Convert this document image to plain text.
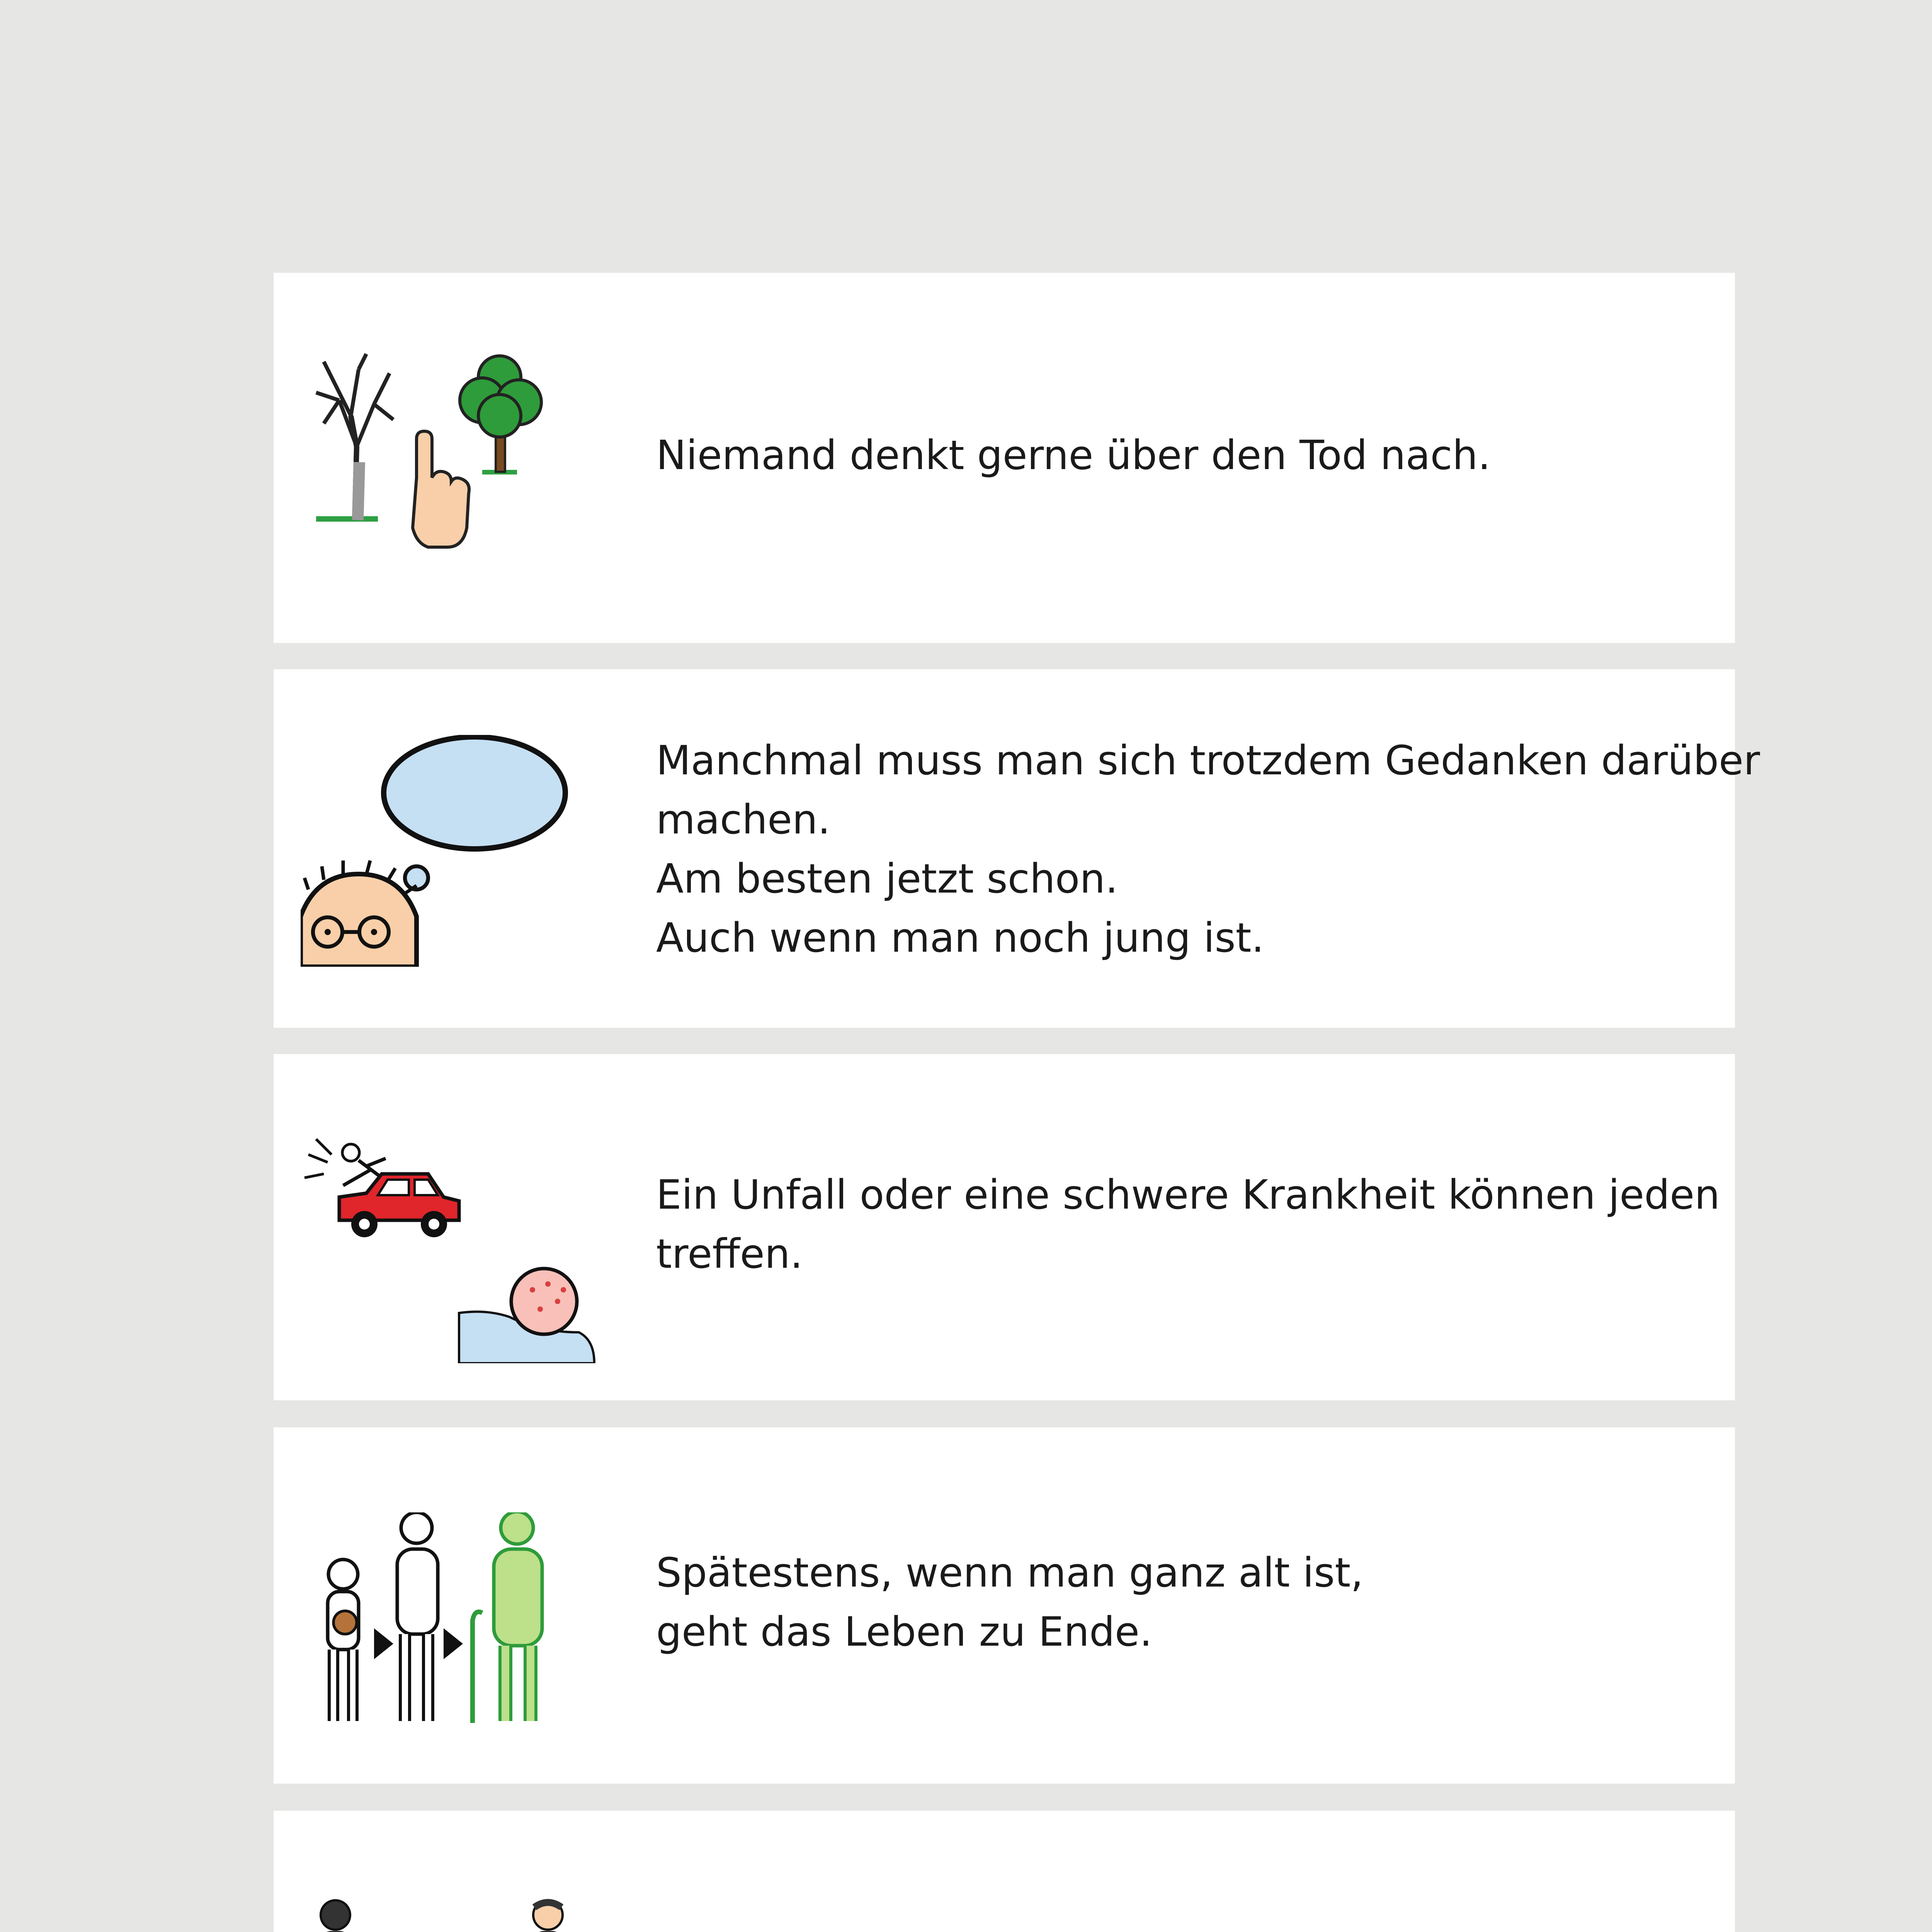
Niemand denkt gerne über den Tod nach.
Manchmal muss man sich trotzdem Gedanken darüber
machen.
Am besten jetzt schon.
Auch wenn man noch jung ist.
Ein Unfall oder eine schwere Krankheit können jeden
treffen.
Spätestens, wenn man ganz alt ist,
geht das Leben zu Ende.
